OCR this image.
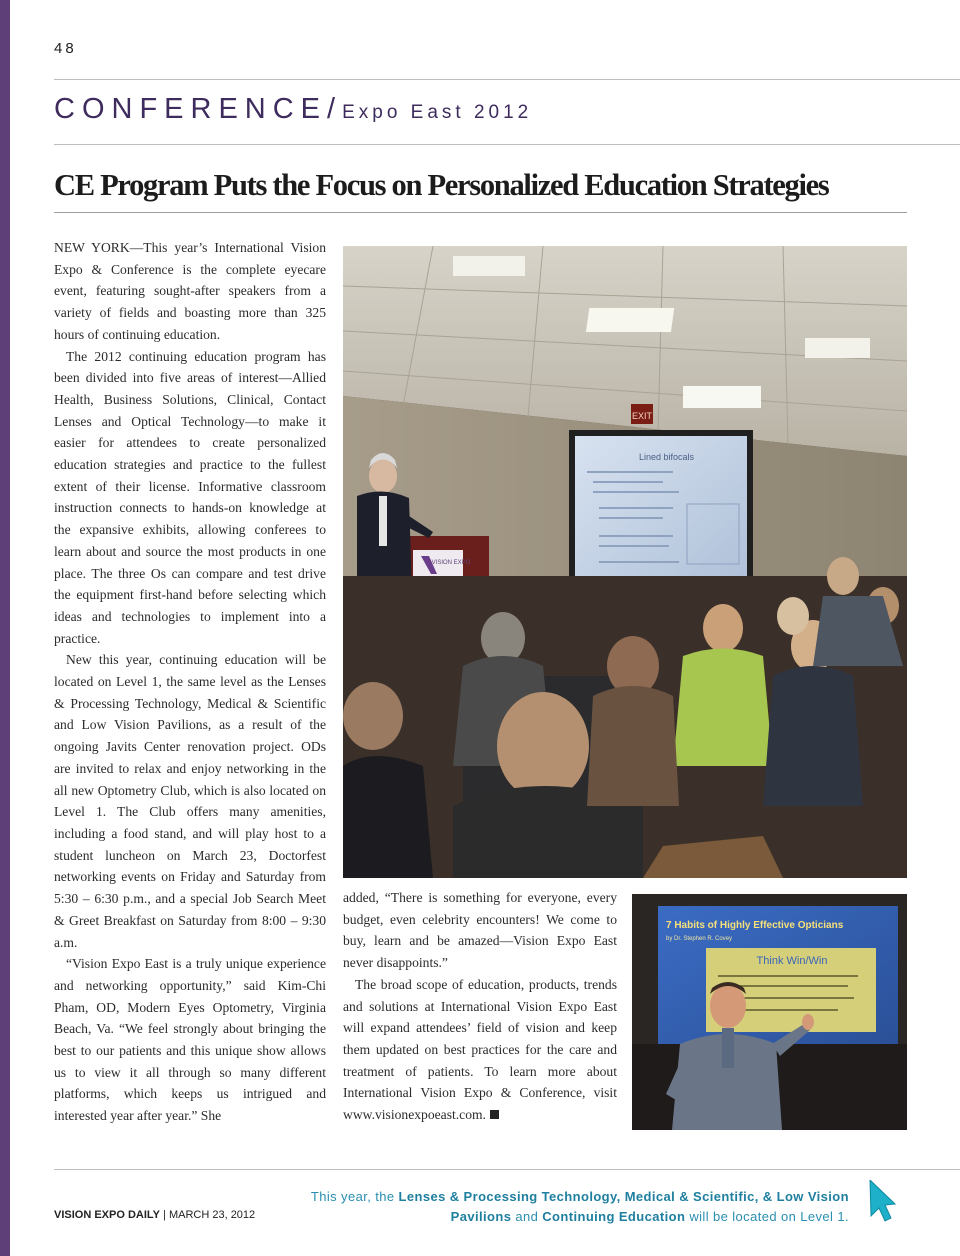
48
CONFERENCE/Expo East 2012
CE Program Puts the Focus on Personalized Education Strategies

NEW YORK—This year’s International Vision Expo & Conference is the complete eyecare event, featuring sought-after speakers from a variety of fields and boasting more than 325 hours of continuing education.

The 2012 continuing education program has been divided into five areas of interest—Allied Health, Business Solutions, Clinical, Contact Lenses and Optical Technology—to make it easier for attendees to create personalized education strategies and practice to the fullest extent of their license. Informative classroom instruction connects to hands-on knowledge at the expansive exhibits, allowing conferees to learn about and source the most products in one place. The three Os can compare and test drive the equipment first-hand before selecting which ideas and technologies to implement into a practice.

New this year, continuing education will be located on Level 1, the same level as the Lenses & Processing Technology, Medical & Scientific and Low Vision Pavilions, as a result of the ongoing Javits Center renovation project. ODs are invited to relax and enjoy networking in the all new Optometry Club, which is also located on Level 1. The Club offers many amenities, including a food stand, and will play host to a student luncheon on March 23, Doctorfest networking events on Friday and Saturday from 5:30 – 6:30 p.m., and a special Job Search Meet & Greet Breakfast on Saturday from 8:00 – 9:30 a.m.

“Vision Expo East is a truly unique experience and networking opportunity,” said Kim-Chi Pham, OD, Modern Eyes Optometry, Virginia Beach, Va. “We feel strongly about bringing the best to our patients and this unique show allows us to view it all through so many different platforms, which keeps us intrigued and interested year after year.” She

added, “There is something for everyone, every budget, even celebrity encounters! We come to buy, learn and be amazed—Vision Expo East never disappoints.”

The broad scope of education, products, trends and solutions at International Vision Expo East will expand attendees’ field of vision and keep them updated on best practices for the care and treatment of patients. To learn more about International Vision Expo & Conference, visit www.visionexpoeast.com.

EXIT
Lined bifocals
VISION EXPO
7 Habits of Highly Effective Opticians
by Dr. Stephen R. Covey
Think Win/Win
VISION EXPO DAILY | MARCH 23, 2012
This year, the Lenses & Processing Technology, Medical & Scientific, & Low Vision Pavilions and Continuing Education will be located on Level 1.
